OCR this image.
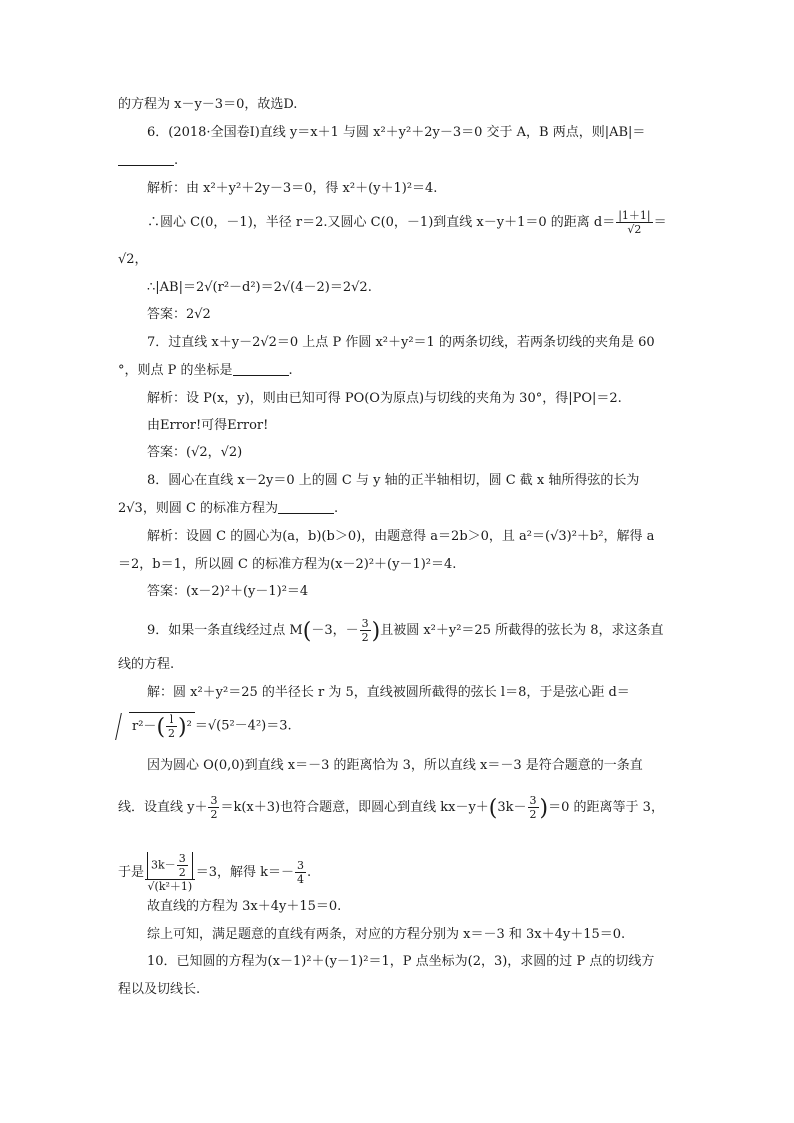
的方程为 x－y－3＝0，故选D.
6．(2018·全国卷Ⅰ)直线 y＝x＋1 与圆 x²＋y²＋2y－3＝0 交于 A，B 两点，则|AB|＝
.
解析：由 x²＋y²＋2y－3＝0，得 x²＋(y＋1)²＝4.
∴圆心 C(0，－1)，半径 r＝2.又圆心 C(0，－1)到直线 x－y＋1＝0 的距离 $d= \frac{|1+1|}{√2}$ ＝
√2，
∴|AB|＝2√(r²－d²)＝2√(4－2)＝2√2.
答案：2√2
7．过直线 x＋y－2√2＝0 上点 P 作圆 x²＋y²＝1 的两条切线，若两条切线的夹角是 60
°，则点 P 的坐标是	.
解析：设 P(x，y)，则由已知可得 PO(O为原点)与切线的夹角为 30°，得|PO|＝2.
由Error!可得Error!
答案：(√2，√2)
8．圆心在直线 x－2y＝0 上的圆 C 与 y 轴的正半轴相切，圆 C 截 x 轴所得弦的长为
2√3，则圆 C 的标准方程为	.
解析：设圆 C 的圆心为(a，b)(b＞0)，由题意得 a＝2b＞0，且 a²＝(√3)²＋b²，解得 a
＝2，b＝1，所以圆 C 的标准方程为(x－2)²＋(y－1)²＝4.
答案：(x－2)²＋(y－1)²＝4
9．如果一条直线经过点 M(－3，－ $\frac{3}{2}$ )且被圆 x²＋y²＝25 所截得的弦长为 8，求这条直
线的方程.
解：圆 x²＋y²＝25 的半径长 r 为 5，直线被圆所截得的弦长 l＝8，于是弦心距 d＝
$r^2-( \frac{l}{2} )^2 =√(5^2-4^2)=3$.
因为圆心 O(0,0)到直线 x＝－3 的距离恰为 3，所以直线 x＝－3 是符合题意的一条直
线．设直线 $y+ \frac{3}{2} =k(x+3)$也符合题意，即圆心到直线 $kx-y+(3k- \frac{3}{2} )=0$ 的距离等于 3，
于是 $\frac{3k- \frac{3}{2}}{\text{√(k²＋1)}} =3$，解得 $k=- \frac{3}{4}$ .
故直线的方程为 3x＋4y＋15＝0.
综上可知，满足题意的直线有两条，对应的方程分别为 x＝－3 和 3x＋4y＋15＝0.
10．已知圆的方程为(x－1)²＋(y－1)²＝1，P 点坐标为(2，3)，求圆的过 P 点的切线方
程以及切线长.
